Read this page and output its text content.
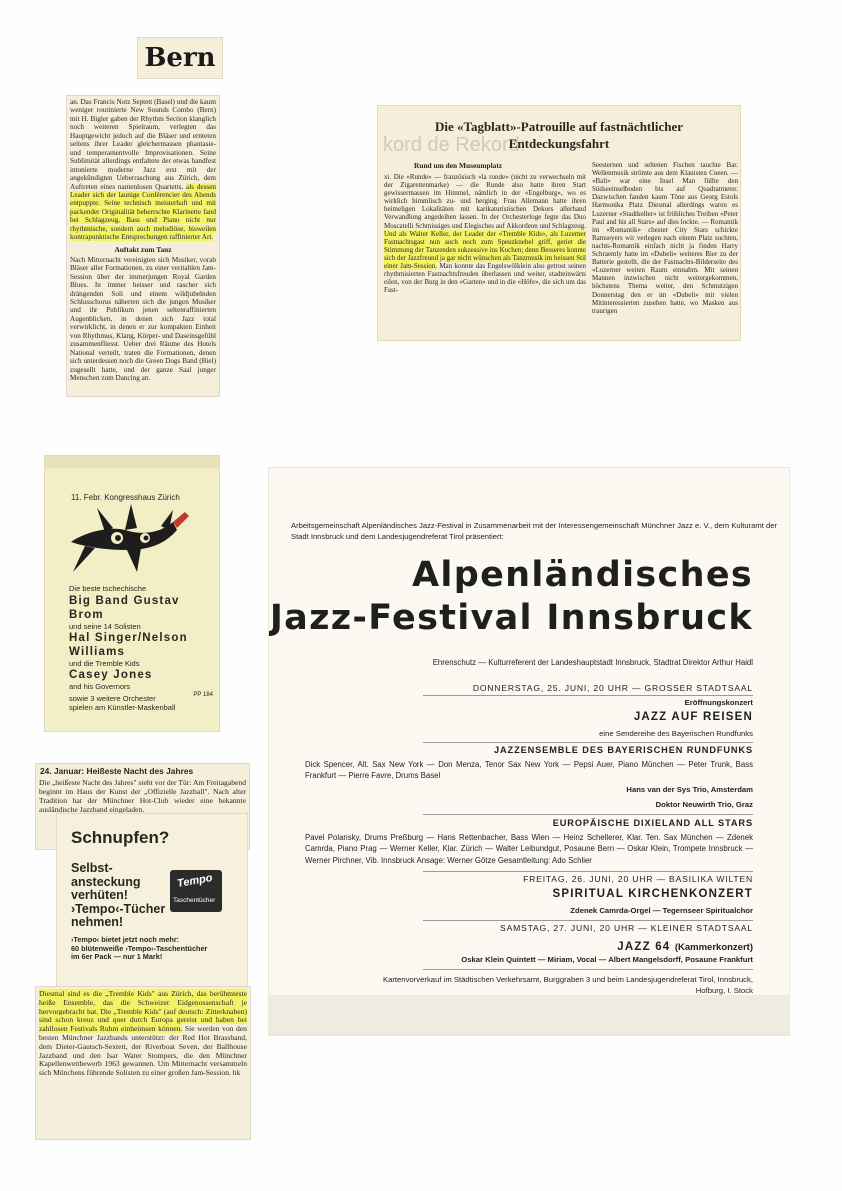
Bern

an. Das Francis Notz Septett (Basel) und die kaum weniger routinierte New Sounds Combo (Bern) mit H. Bigler gaben der Rhythm Section klanglich noch weiteren Spielraum, verlegten das Hauptgewicht jedoch auf die Bläser und ernteten seitens ihrer Leader gleichermassen phantasie- und temperamentvolle Improvisationen. Seine Sublimität allerdings entfaltete der etwas handfest intonierte moderne Jazz erst mit der angekündigten Ueberraschung aus Zürich, dem Auftreten eines namenlosen Quartetts, als dessen Leader sich der launige Conférencier des Abends entpuppte. Seine technisch meisterhaft und mit packender Originalität beherrschte Klarinette fand bei Schlagzeug, Bass und Piano nicht nur rhythmische, sondern auch melodiöse, bisweilen kontrapunktische Entsprechungen raffinierter Art.

Auftakt zum Tanz

Nach Mitternacht vereinigten sich Musiker, vorab Bläser aller Formationen, zu einer veritablen Jam-Session über der immerjungen Royal Garden Blues. In immer heisser und rascher sich drängenden Soli und einem wildjubelnden Schlusschorus näherten sich die jungen Musiker und ihr Publikum jenen seltenraffinierten Augenblicken, in denen sich Jazz total verwirklicht, in denen er zur kompakten Einheit von Rhythmus, Klang, Körper- und Daseinsgefühl zusammenfliesst. Ueber drei Räume des Hotels National verteilt, traten die Formationen, denen sich unterdessen noch die Green Dogs Band (Biel) zugesellt hatte, und der ganze Saal junger Menschen zum Dancing an.

kord de Rekord:
Die «Tagblatt»-Patrouille auf fastnächtlicher
Entdeckungsfahrt

Rund um den Museumplatz

xi. Die «Runde» — französisch «la ronde» (nicht zu verwechseln mit der Zigarettenmarke) — die Runde also hatte ihren Start gewissermassen im Himmel, nämlich in der «Engelburg», wo es wirklich himmlisch zu- und herging. Frau Allemann hatte ihren heimeligen Lokalitäten mit karikaturistischen Dekors allerhand Verwandlung angedeihen lassen. In der Orchesterloge fegte das Duo Moscatelli Schmissiges und Elegisches auf Akkordeon und Schlagzeug. Und als Walter Keller, der Leader der «Tremble Kids», als Luzerner Fastnachtsgast nun auch noch zum Speuzknebel griff, geriet die Stimmung der Tanzenden sukzessive ins Kochen; denn Besseres konnte sich der Jazzfreund ja gar nicht wünschen als Tanzmusik im heissen Stil einer Jam-Session. Man konnte das Engelswölklein also getrost seinen rhythmisierten Fastnachtsfreuden überlassen und weiter, stadteinwärts eilen, von der Burg in den «Garten» und in die «Höfe», die sich um das Fast-

Seesternen und seltenen Fischen tauchte Bar. Wellenmusik strömte aus dem Klanisten Coeen. — «Bali» war eine Insel Man füllte den Südseeinselboden bis auf Quadratmeter. Dazwischen fanden kaum Töne aus Georg Estols Harmonika Platz Diesmal allerdings waren es Luzerner «Stadtkeller» ist fröhliches Treiben «Peter Paul and his all Stars» auf dies lockte. — Romantik im «Romantik» chester City Stars schickte Ramseyers wir verlegen nach einem Platz suchten, nachts-Romantik einfach nicht ja finden Harry Schraemly hatte im «Dubeli» weiteres Bier zu der Batterie gestellt, die der Fastnachts-Bilderseite des «Luzerner weiten Raum einnahm. Mit seinen Mannen inzwischen nicht weitergekommen, höchstens Thema weiter, den Schmutzigen Donnerstag den er im «Dubeli» mit vielen Mitinteressierten zusehen hatte, wo Masken aus traurigen

11. Febr. Kongresshaus Zürich
Die beste tschechische
Big Band Gustav Brom
und seine 14 Solisten
Hal Singer/Nelson Williams
und die Tremble Kids
Casey Jones
and his Governors
sowie 3 weitere Orchester
spielen am Künstler-Maskenball
PP 184
24. Januar: Heißeste Nacht des Jahres

Die „heißeste Nacht des Jahres" steht vor der Tür: Am Freitagabend beginnt im Haus der Kunst der „Offizielle Jazzball". Nach alter Tradition hat der Münchner Hot-Club wieder eine bekannte ausländische Jazzband eingeladen.

Schnupfen?
Selbst-
ansteckung
verhüten!
›Tempo‹-Tücher
nehmen!
Tempo
Taschentücher
›Tempo‹ bietet jetzt noch mehr:
60 blütenweiße ›Tempo‹-Taschentücher
im 6er Pack — nur 1 Mark!

Diesmal sind es die „Tremble Kids" aus Zürich, das berühmteste heiße Ensemble, das die Schweizer Eidgenossenschaft je hervorgebracht hat. Die „Tremble Kids" (auf deutsch: Zitterknaben) sind schon kreuz und quer durch Europa gereist und haben bei zahllosen Festivals Ruhm einheimsen können. Sie werden von den besten Münchner Jazzbands unterstützt: der Red Hot Brassband, dem Dieter-Gautsch-Sextett, der Riverboat Seven, der Ballhouse Jazzband und den Isar Water Stompers, die den Münchner Kapellenwettbewerb 1963 gewannen. Um Mitternacht versammeln sich Münchens führende Solisten zu einer großen Jam-Session. hk

Arbeitsgemeinschaft Alpenländisches Jazz-Festival in Zusammenarbeit mit der Interessengemeinschaft Münchner Jazz e. V., dem Kulturamt der Stadt Innsbruck und dem Landesjugendreferat Tirol präsentiert:
Alpenländisches
Jazz-Festival Innsbruck
Ehrenschutz — Kulturreferent der Landeshauptstadt Innsbruck, Stadtrat Direktor Arthur Haidl
DONNERSTAG, 25. JUNI, 20 UHR — GROSSER STADTSAAL
Eröffnungskonzert
JAZZ AUF REISEN
eine Sendereihe des Bayerischen Rundfunks
JAZZENSEMBLE DES BAYERISCHEN RUNDFUNKS
Dick Spencer, Alt. Sax New York — Don Menza, Tenor Sax New York — Pepsi Auer, Piano München — Peter Trunk, Bass Frankfurt — Pierre Favre, Drums Basel
Hans van der Sys Trio, Amsterdam
Doktor Neuwirth Trio, Graz
EUROPÄISCHE DIXIELAND ALL STARS
Pavel Polansky, Drums Preßburg — Hans Rettenbacher, Bass Wien — Heinz Schellerer, Klar. Ten. Sax München — Zdenek Camrda, Piano Prag — Werner Keller, Klar. Zürich — Walter Leibundgut, Posaune Bern — Oskar Klein, Trompete Innsbruck — Werner Pirchner, Vib. Innsbruck Ansage: Werner Götze Gesamtleitung: Ado Schlier
FREITAG, 26. JUNI, 20 UHR — BASILIKA WILTEN
SPIRITUAL KIRCHENKONZERT
Zdenek Camrda-Orgel — Tegernseer Spiritualchor
SAMSTAG, 27. JUNI, 20 UHR — KLEINER STADTSAAL
JAZZ 64 (Kammerkonzert)
Oskar Klein Quintett — Miriam, Vocal — Albert Mangelsdorff, Posaune Frankfurt
Kartenvorverkauf im Städtischen Verkehrsamt, Burggraben 3 und beim Landesjugendreferat Tirol, Innsbruck, Hofburg, I. Stock
